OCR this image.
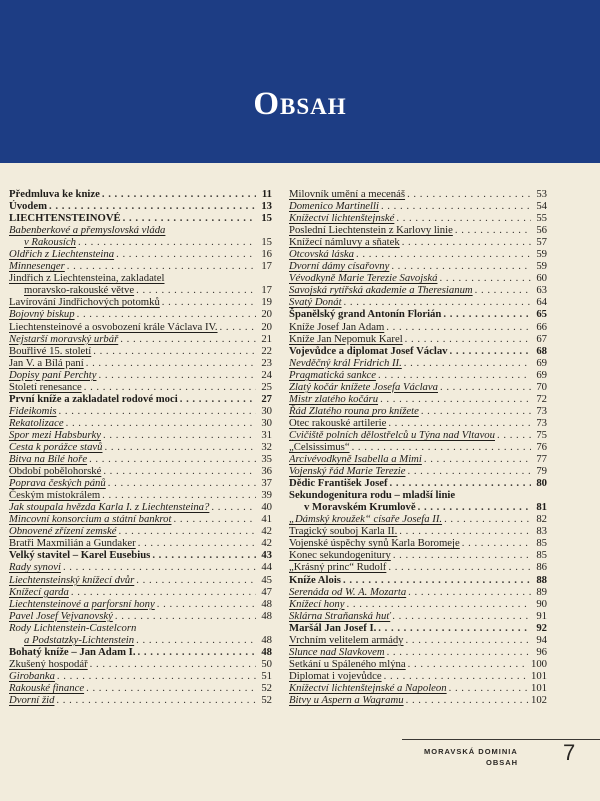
Obsah
Předmluva ke knize . . .	11
Úvodem . . .	13
LIECHTENSTEINOVÉ . . .	15
Babenberkové a přemyslovská vláda
v Rakousích . . .	15
Oldřich z Liechtensteina . . .	16
Minnesenger . . .	17
Jindřich z Liechtensteina, zakladatel
moravsko-rakouské větve . . .	17
Lavírování Jindřichových potomků . . .	19
Bojovný biskup . . .	20
Liechtensteinové a osvobození krále Václava IV. . . .	20
Nejstarší moravský urbář . . .	21
Bouřlivé 15. století . . .	22
Jan V. a Bílá paní . . .	23
Dopisy paní Perchty . . .	24
Století renesance . . .	25
První kníže a zakladatel rodové moci . . .	27
Fideikomis . . .	30
Rekatolizace . . .	30
Spor mezi Habsburky . . .	31
Cesta k porážce stavů . . .	32
Bitva na Bílé hoře . . .	35
Období pobělohorské . . .	36
Poprava českých pánů . . .	37
Českým místokrálem . . .	39
Jak stoupala hvězda Karla I. z Liechtensteina? . . .	40
Mincovní konsorcium a státní bankrot . . .	41
Obnovené zřízení zemské . . .	42
Bratři Maxmilián a Gundaker . . .	42
Velký stavitel – Karel Eusebius . . .	43
Rady synovi . . .	44
Liechtensteinský knížecí dvůr . . .	45
Knížecí garda . . .	47
Liechtensteinové a parforsní hony . . .	48
Pavel Josef Vejvanovský . . .	48
Rody Lichtenstein-Castelcorn
a Podstatzky-Lichtenstein . . .	48
Bohatý kníže – Jan Adam I. . . .	48
Zkušený hospodář . . .	50
Girobanka . . .	51
Rakouské finance . . .	52
Dvorní žid . . .	52
Milovník umění a mecenáš . . .	53
Domenico Martinelli . . .	54
Knížectví lichtenštejnské . . .	55
Poslední Liechtenstein z Karlovy linie . . .	56
Knížecí námluvy a sňatek . . .	57
Otcovská láska . . .	59
Dvorní dámy císařovny . . .	59
Vévodkyně Marie Terezie Savojská . . .	60
Savojská rytířská akademie a Theresianum . . .	63
Svatý Donát . . .	64
Španělský grand Antonín Florián . . .	65
Kníže Josef Jan Adam . . .	66
Kníže Jan Nepomuk Karel . . .	67
Vojevůdce a diplomat Josef Václav . . .	68
Nevděčný král Fridrich II. . . .	69
Pragmatická sankce . . .	69
Zlatý kočár knížete Josefa Václava . . .	70
Mistr zlatého kočáru . . .	72
Řád Zlatého rouna pro knížete . . .	73
Otec rakouské artilerie . . .	73
Cvičiště polních dělostřelců u Týna nad Vltavou . . .	75
„Celsissimus“ . . .	76
Arcivévodkyně Isabella a Mimi . . .	77
Vojenský řád Marie Terezie . . .	79
Dědic František Josef . . .	80
Sekundogenitura rodu – mladší linie
v Moravském Krumlově . . .	81
„Dámský kroužek“ císaře Josefa II. . . .	82
Tragický souboj Karla II. . . .	83
Vojenské úspěchy synů Karla Boromeje . . .	85
Konec sekundogenitury . . .	85
„Krásný princ“ Rudolf . . .	86
Kníže Alois . . .	88
Serenáda od W. A. Mozarta . . .	89
Knížecí hony . . .	90
Sklárna Straňanská huť . . .	91
Maršál Jan Josef I. . . .	92
Vrchním velitelem armády . . .	94
Slunce nad Slavkovem . . .	96
Setkání u Spáleného mlýna . . .	100
Diplomat i vojevůdce . . .	101
Knížectví lichtenštejnské a Napoleon . . .	101
Bitvy u Aspern a Wagramu . . .	102
MORAVSKÁ DOMINIA
OBSAH 7
